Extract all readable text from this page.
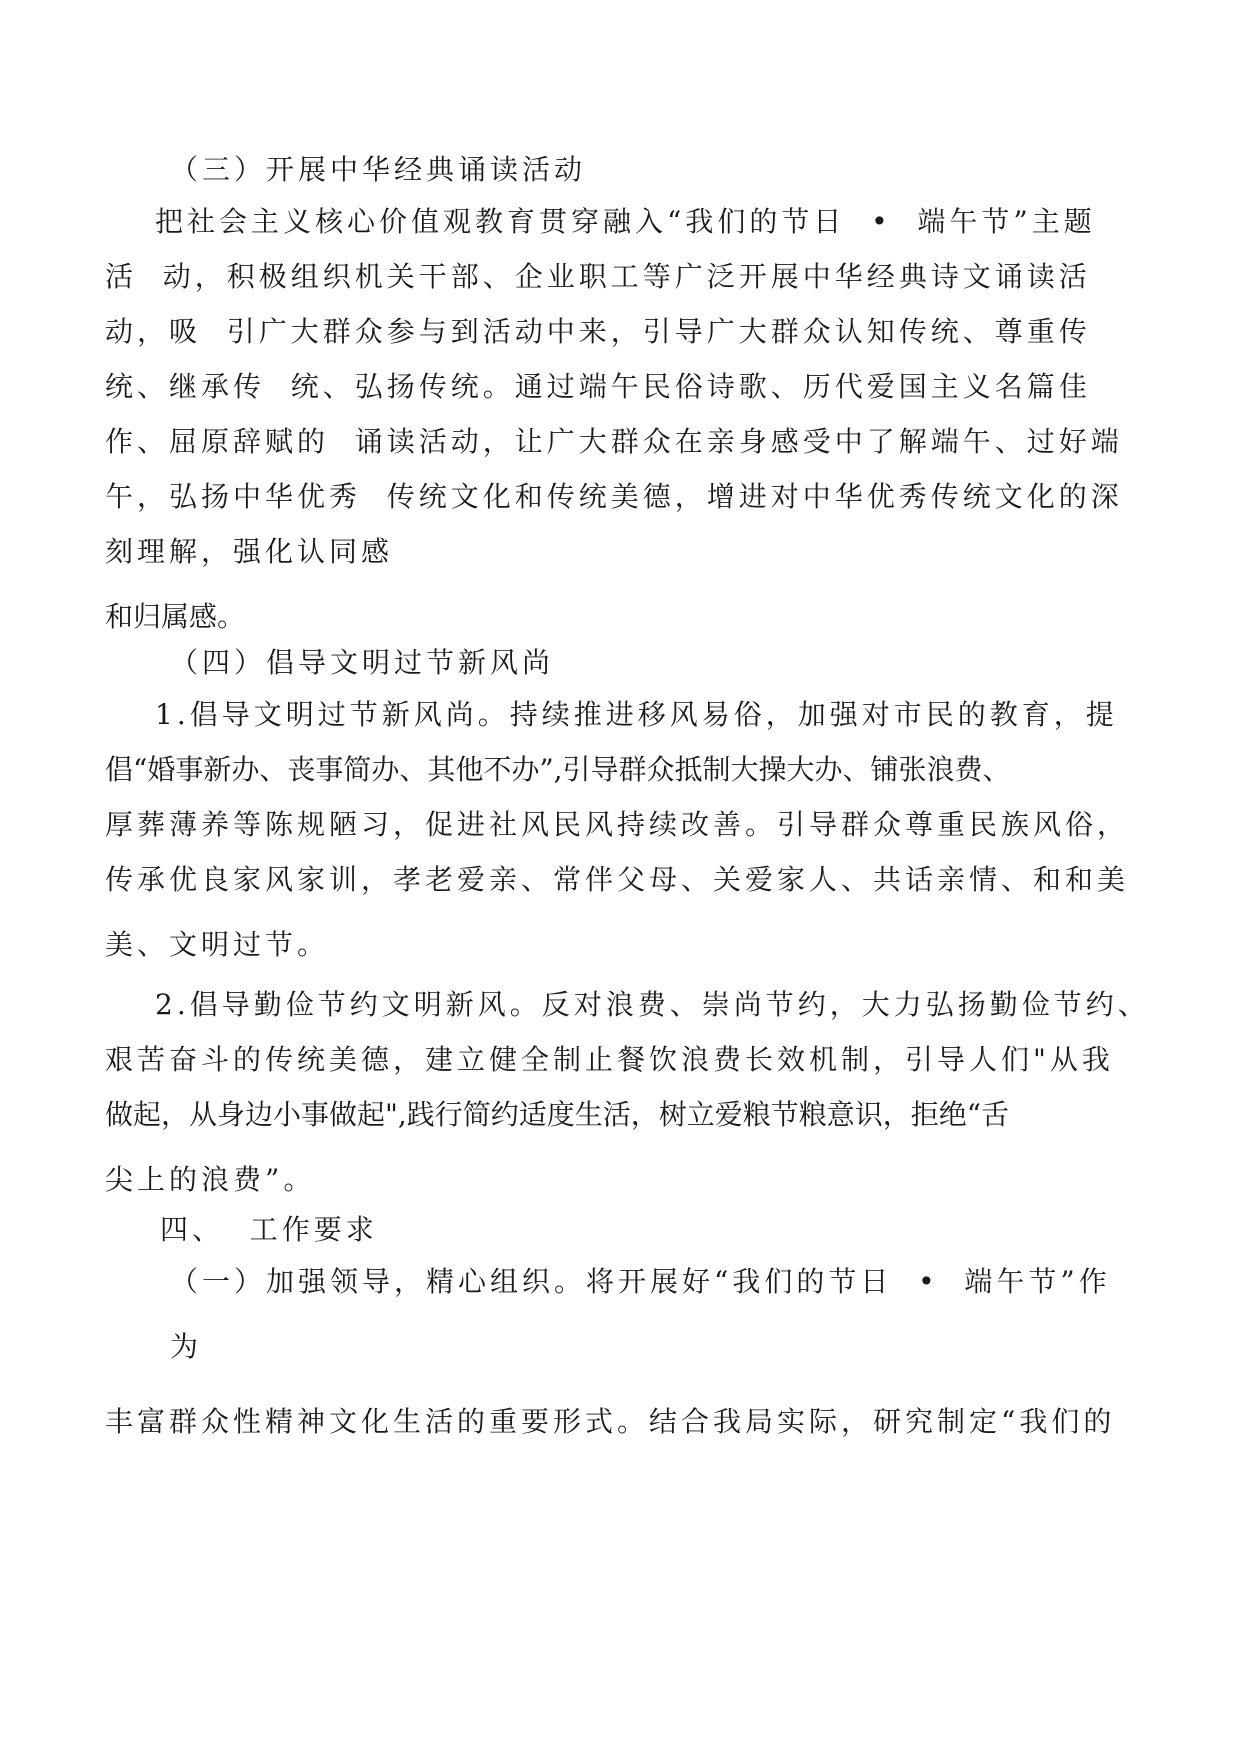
（三）开展中华经典诵读活动

把社会主义核心价值观教育贯穿融入“我们的节日  •  端午节”主题

活  动，积极组织机关干部、企业职工等广泛开展中华经典诗文诵读活

动，吸  引广大群众参与到活动中来，引导广大群众认知传统、尊重传

统、继承传  统、弘扬传统。通过端午民俗诗歌、历代爱国主义名篇佳

作、屈原辞赋的  诵读活动，让广大群众在亲身感受中了解端午、过好端

午，弘扬中华优秀  传统文化和传统美德，增进对中华优秀传统文化的深

刻理解，强化认同感

和归属感。

（四）倡导文明过节新风尚

1.倡导文明过节新风尚。持续推进移风易俗，加强对市民的教育，提

倡“婚事新办、丧事简办、其他不办”,引导群众抵制大操大办、铺张浪费、

厚葬薄养等陈规陋习，促进社风民风持续改善。引导群众尊重民族风俗，

传承优良家风家训，孝老爱亲、常伴父母、关爱家人、共话亲情、和和美

美、文明过节。

2.倡导勤俭节约文明新风。反对浪费、崇尚节约，大力弘扬勤俭节约、

艰苦奋斗的传统美德，建立健全制止餐饮浪费长效机制，引导人们"从我

做起，从身边小事做起",践行简约适度生活，树立爱粮节粮意识，拒绝“舌

尖上的浪费”。

四、  工作要求

（一）加强领导，精心组织。将开展好“我们的节日  •  端午节”作

为

丰富群众性精神文化生活的重要形式。结合我局实际，研究制定“我们的
